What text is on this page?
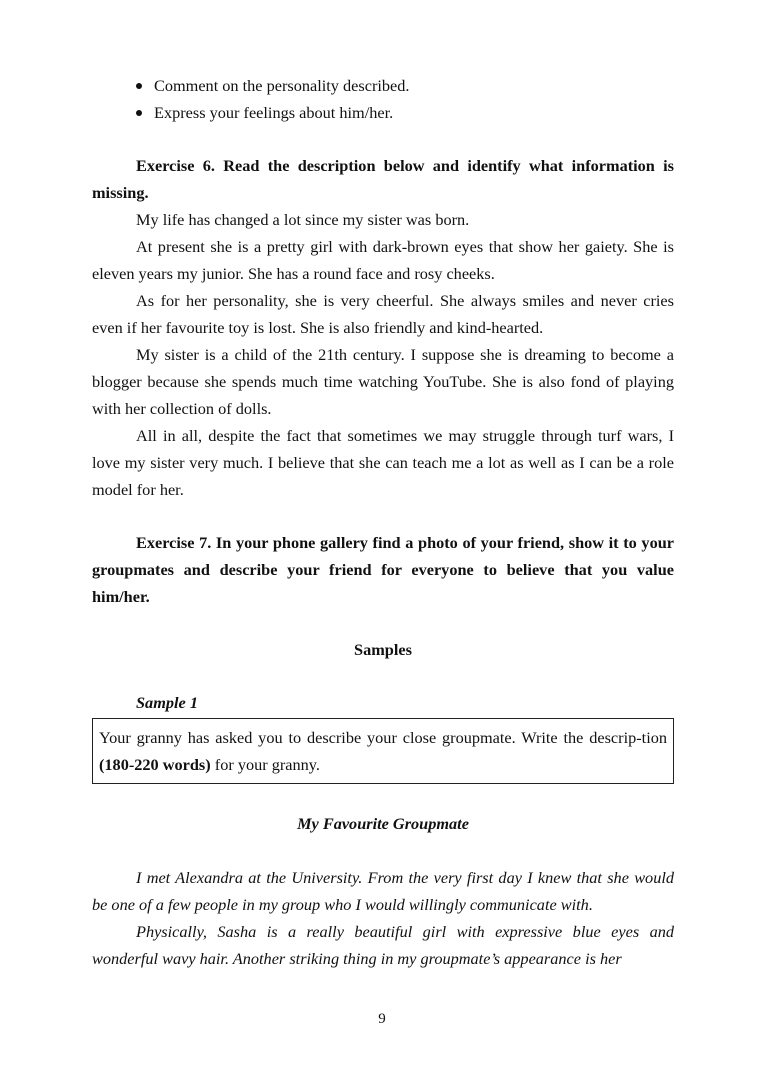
Comment on the personality described.
Express your feelings about him/her.

Exercise 6. Read the description below and identify what information is missing.

My life has changed a lot since my sister was born.

At present she is a pretty girl with dark-brown eyes that show her gaiety. She is eleven years my junior. She has a round face and rosy cheeks.

As for her personality, she is very cheerful. She always smiles and never cries even if her favourite toy is lost. She is also friendly and kind-hearted.

My sister is a child of the 21th century. I suppose she is dreaming to become a blogger because she spends much time watching YouTube. She is also fond of playing with her collection of dolls.

All in all, despite the fact that sometimes we may struggle through turf wars, I love my sister very much. I believe that she can teach me a lot as well as I can be a role model for her.

Exercise 7. In your phone gallery find a photo of your friend, show it to your groupmates and describe your friend for everyone to believe that you value him/her.

Samples

Sample 1

Your granny has asked you to describe your close groupmate. Write the descrip-tion (180-220 words) for your granny.

My Favourite Groupmate

I met Alexandra at the University. From the very first day I knew that she would be one of a few people in my group who I would willingly communicate with.

Physically, Sasha is a really beautiful girl with expressive blue eyes and wonderful wavy hair. Another striking thing in my groupmate’s appearance is her

9
